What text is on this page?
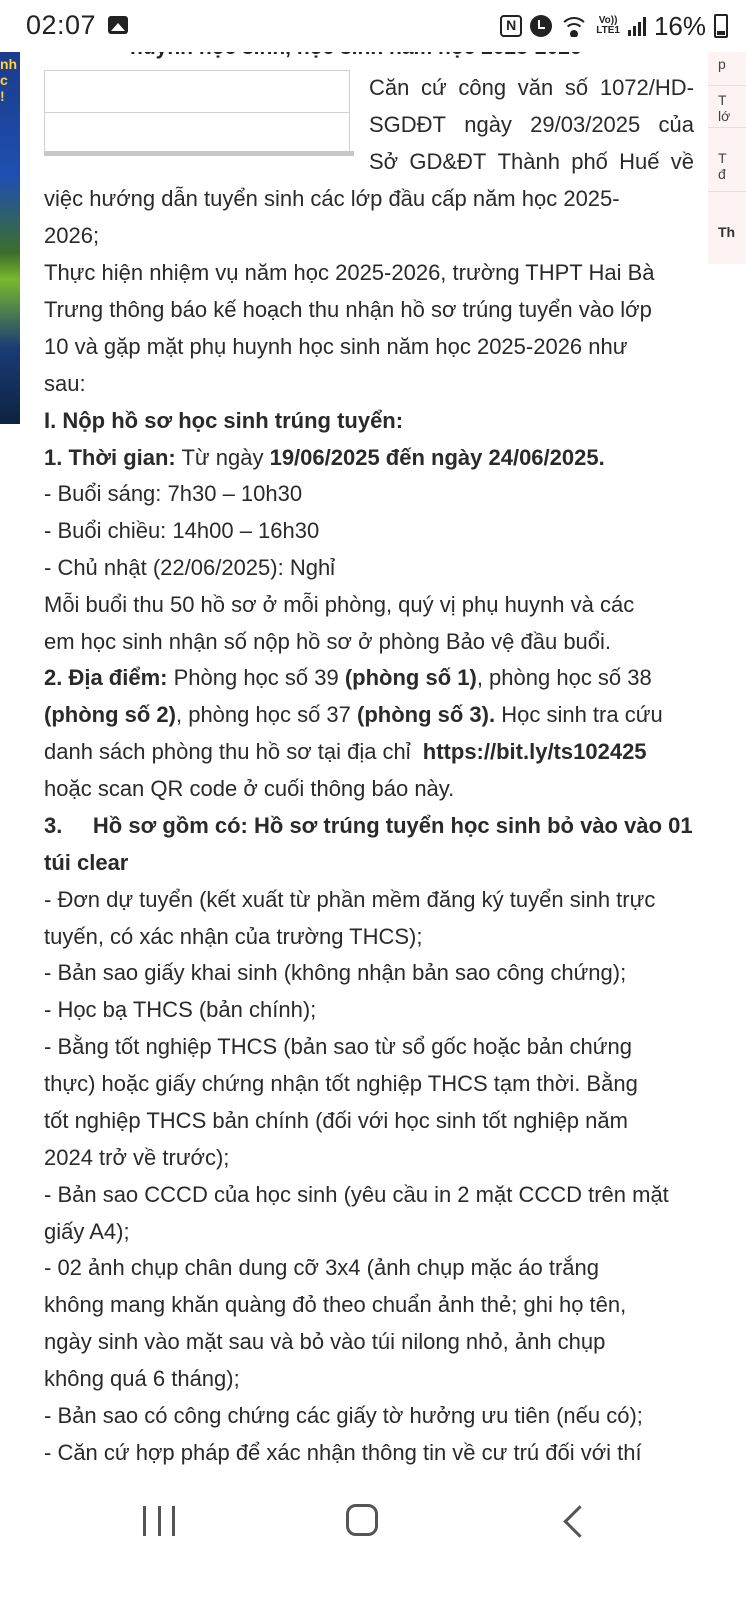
nh
c
!
p
T
lớ
T
đ
Th

Căn cứ công văn số 1072/HD-
SGDĐT ngày 29/03/2025 của
Sở GD&ĐT Thành phố Huế về
việc hướng dẫn tuyển sinh các lớp đầu cấp năm học 2025-
2026;
Thực hiện nhiệm vụ năm học 2025-2026, trường THPT Hai Bà
Trưng thông báo kế hoạch thu nhận hồ sơ trúng tuyển vào lớp
10 và gặp mặt phụ huynh học sinh năm học 2025-2026 như
sau:
I. Nộp hồ sơ học sinh trúng tuyển:
1. Thời gian: Từ ngày 19/06/2025 đến ngày 24/06/2025.
- Buổi sáng: 7h30 – 10h30
- Buổi chiều: 14h00 – 16h30
- Chủ nhật (22/06/2025): Nghỉ
Mỗi buổi thu 50 hồ sơ ở mỗi phòng, quý vị phụ huynh và các
em học sinh nhận số nộp hồ sơ ở phòng Bảo vệ đầu buổi.
2. Địa điểm: Phòng học số 39 (phòng số 1), phòng học số 38
(phòng số 2), phòng học số 37 (phòng số 3). Học sinh tra cứu
danh sách phòng thu hồ sơ tại địa chỉ https://bit.ly/ts102425
hoặc scan QR code ở cuối thông báo này.
3.     Hồ sơ gồm có: Hồ sơ trúng tuyển học sinh bỏ vào vào 01
túi clear
- Đơn dự tuyển (kết xuất từ phần mềm đăng ký tuyển sinh trực
tuyến, có xác nhận của trường THCS);
- Bản sao giấy khai sinh (không nhận bản sao công chứng);
- Học bạ THCS (bản chính);
- Bằng tốt nghiệp THCS (bản sao từ sổ gốc hoặc bản chứng
thực) hoặc giấy chứng nhận tốt nghiệp THCS tạm thời. Bằng
tốt nghiệp THCS bản chính (đối với học sinh tốt nghiệp năm
2024 trở về trước);
- Bản sao CCCD của học sinh (yêu cầu in 2 mặt CCCD trên mặt
giấy A4);
- 02 ảnh chụp chân dung cỡ 3x4 (ảnh chụp mặc áo trắng
không mang khăn quàng đỏ theo chuẩn ảnh thẻ; ghi họ tên,
ngày sinh vào mặt sau và bỏ vào túi nilong nhỏ, ảnh chụp
không quá 6 tháng);
- Bản sao có công chứng các giấy tờ hưởng ưu tiên (nếu có);
- Căn cứ hợp pháp để xác nhận thông tin về cư trú đối với thí
02:07	N	Vo))
LTE1 16%
